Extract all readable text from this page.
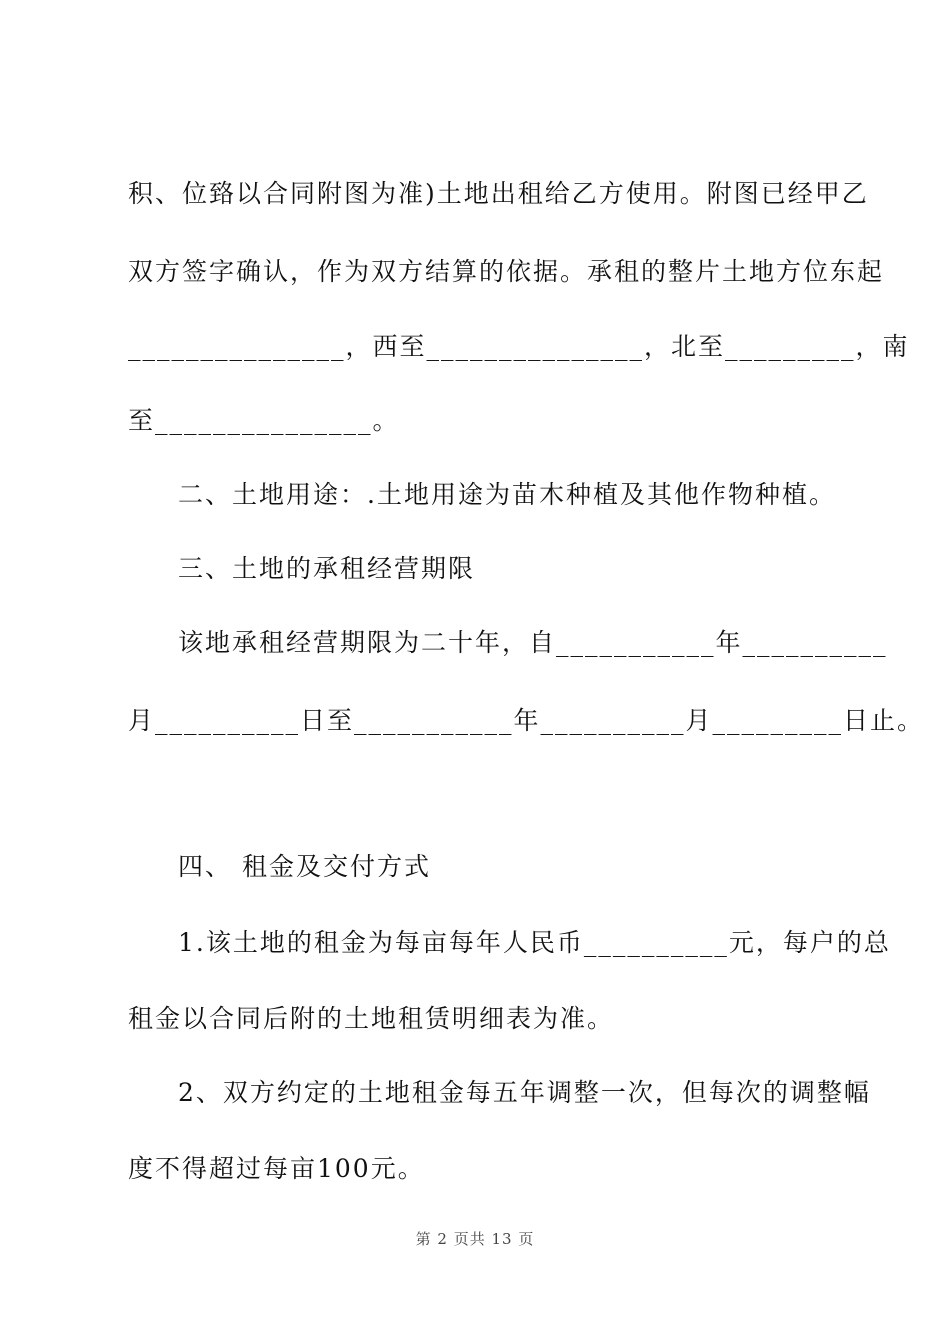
积、位臵以合同附图为准)土地出租给乙方使用。附图已经甲乙
双方签字确认，作为双方结算的依据。承租的整片土地方位东起
_______________，西至_______________，北至_________，南
至_______________。
二、土地用途：.土地用途为苗木种植及其他作物种植。
三、土地的承租经营期限
该地承租经营期限为二十年，自___________年__________
月__________日至___________年__________月_________日止。
四、 租金及交付方式
1.该土地的租金为每亩每年人民币__________元，每户的总
租金以合同后附的土地租赁明细表为准。
2、双方约定的土地租金每五年调整一次，但每次的调整幅
度不得超过每亩100元。
第 2 页共 13 页
